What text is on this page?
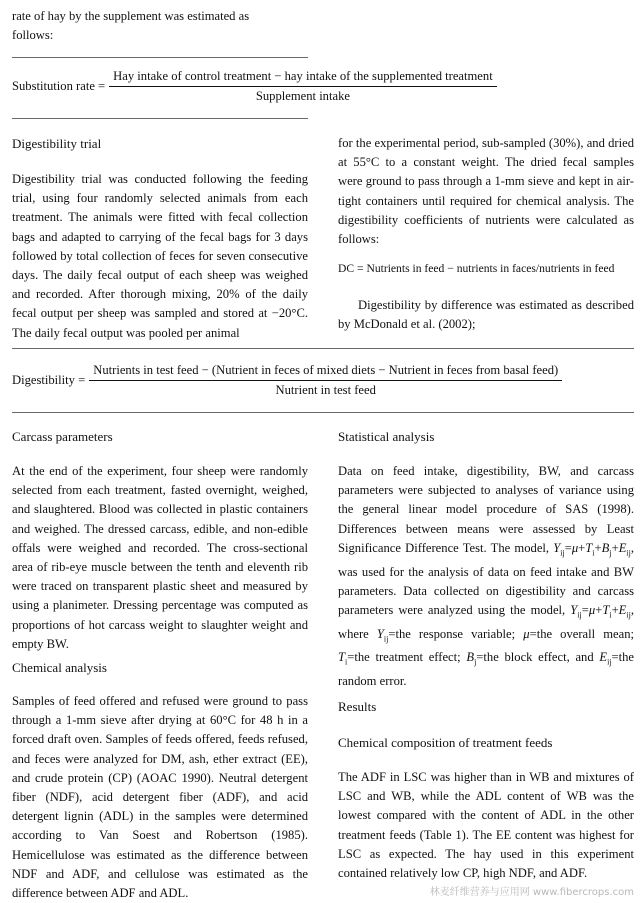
rate of hay by the supplement was estimated as
follows:
Substitution rate =
Hay intake of control treatment − hay intake of the supplemented treatment
Supplement intake
Digestibility trial
Digestibility trial was conducted following the feeding trial, using four randomly selected animals from each treatment. The animals were fitted with fecal collection bags and adapted to carrying of the fecal bags for 3 days followed by total collection of feces for seven consecutive days. The daily fecal output of each sheep was weighed and recorded. After thorough mixing, 20% of the daily fecal output per sheep was sampled and stored at −20°C. The daily fecal output was pooled per animal
for the experimental period, sub-sampled (30%), and dried at 55°C to a constant weight. The dried fecal samples were ground to pass through a 1-mm sieve and kept in air-tight containers until required for chemical analysis. The digestibility coefficients of nutrients were calculated as follows:
DC = Nutrients in feed − nutrients in faces/nutrients in feed
Digestibility by difference was estimated as described by McDonald et al. (2002);
Digestibility =
Nutrients in test feed − (Nutrient in feces of mixed diets − Nutrient in feces from basal feed)
Nutrient in test feed
Carcass parameters
At the end of the experiment, four sheep were randomly selected from each treatment, fasted overnight, weighed, and slaughtered. Blood was collected in plastic containers and weighed. The dressed carcass, edible, and non-edible offals were weighed and recorded. The cross-sectional area of rib-eye muscle between the tenth and eleventh rib were traced on transparent plastic sheet and measured by using a planimeter. Dressing percentage was computed as proportions of hot carcass weight to slaughter weight and empty BW.
Chemical analysis
Samples of feed offered and refused were ground to pass through a 1-mm sieve after drying at 60°C for 48 h in a forced draft oven. Samples of feeds offered, feeds refused, and feces were analyzed for DM, ash, ether extract (EE), and crude protein (CP) (AOAC 1990). Neutral detergent fiber (NDF), acid detergent fiber (ADF), and acid detergent lignin (ADL) in the samples were determined according to Van Soest and Robertson (1985). Hemicellulose was estimated as the difference between NDF and ADF, and cellulose was estimated as the difference between ADF and ADL.
Statistical analysis
Data on feed intake, digestibility, BW, and carcass parameters were subjected to analyses of variance using the general linear model procedure of SAS (1998). Differences between means were assessed by Least Significance Difference Test. The model, $Y_{ij}=\mu+T_i+B_j+E_{ij}$, was used for the analysis of data on feed intake and BW parameters. Data collected on digestibility and carcass parameters were analyzed using the model, $Y_{ij}=\mu+T_i+E_{ij}$, where $Y_{ij}=the$ response variable; μ=the overall mean; $T_i=the$ treatment effect; $B_j=the$ block effect, and $E_{ij}=the$ random error.
Results
Chemical composition of treatment feeds
The ADF in LSC was higher than in WB and mixtures of LSC and WB, while the ADL content of WB was the lowest compared with the content of ADL in the other treatment feeds (Table 1). The EE content was highest for LSC as expected. The hay used in this experiment contained relatively low CP, high NDF, and ADF.
林麦纤维营养与应用网 www.fibercrops.com
